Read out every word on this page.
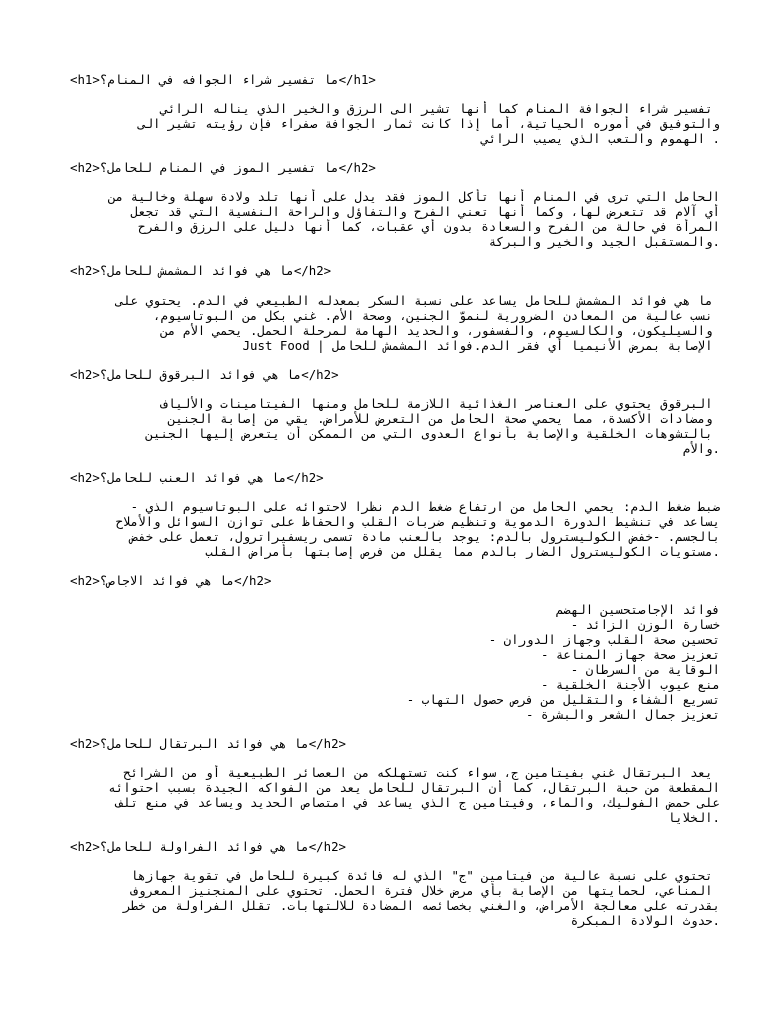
<h1>ما تفسير شراء الجوافه في المنام؟</h1>
تفسير شراء الجوافة المنام كما أنها تشير الى الرزق والخير الذي يناله الرائي
والتوفيق في أموره الحياتية، أما إذا كانت ثمار الجوافة صفراء فإن رؤيته تشير الى
. الهموم والتعب الذي يصيب الرائي
<h2>ما تفسير الموز في المنام للحامل؟</h2>
الحامل التي ترى في المنام أنها تأكل الموز فقد يدل على أنها تلد ولادة سهلة وخالية من
أي آلام قد تتعرض لها، وكما أنها تعني الفرح والتفاؤل والراحة النفسية التي قد تجعل
المرأة في حالة من الفرح والسعادة بدون أي عقبات، كما أنها دليل على الرزق والفرح
.والمستقبل الجيد والخير والبركة
<h2>ما هي فوائد المشمش للحامل؟</h2>
ما هي فوائد المشمش للحامل يساعد على نسبة السكر بمعدله الطبيعي في الدم. يحتوي على
نسب عالية من المعادن الضرورية لنموّ الجنين، وصحة الأم. غني بكل من البوتاسيوم،
والسيليكون، والكالسيوم، والفسفور، والحديد الهامة لمرحلة الحمل. يحمي الأم من
الإصابة بمرض الأنيميا أي فقر الدم.فوائد المشمش للحامل | Just Food
<h2>ما هي فوائد البرقوق للحامل؟</h2>
البرقوق يحتوي على العناصر الغذائية اللازمة للحامل ومنها الفيتامينات والألياف
ومضادات الأكسدة، مما يحمي صحة الحامل من التعرض للأمراض. يقي من إصابة الجنين
بالتشوهات الخلقية والإصابة بأنواع العدوى التي من الممكن أن يتعرض إليها الجنين
.والأم
<h2>ما هي فوائد العنب للحامل؟</h2>
ضبط ضغط الدم: يحمي الحامل من ارتفاع ضغط الدم نظرا لاحتوائه على البوتاسيوم الذي -
يساعد في تنشيط الدورة الدموية وتنظيم ضربات القلب والحفاظ على توازن السوائل والأملاح
بالجسم. -خفض الكوليسترول بالدم: يوجد بالعنب مادة تسمى ريسفيراترول، تعمل على خفض
.مستويات الكوليسترول الضار بالدم مما يقلل من فرص إصابتها بأمراض القلب
<h2>ما هي فوائد الاجاص؟</h2>
فوائد الإجاصتحسين الهضم
خسارة الوزن الزائد -
تحسين صحة القلب وجهاز الدوران -
تعزيز صحة جهاز المناعة -
الوقاية من السرطان -
منع عيوب الأجنة الخلقية -
تسريع الشفاء والتقليل من فرص حصول التهاب -
تعزيز جمال الشعر والبشرة -
<h2>ما هي فوائد البرتقال للحامل؟</h2>
يعد البرتقال غني بفيتامين ج، سواء كنت تستهلكه من العصائر الطبيعية أو من الشرائح
المقطعة من حبة البرتقال، كما أن البرتقال للحامل يعد من الفواكه الجيدة بسبب احتوائه
على حمض الفوليك، والماء، وفيتامين ج الذي يساعد في امتصاص الحديد ويساعد في منع تلف
.الخلايا
<h2>ما هي فوائد الفراولة للحامل؟</h2>
تحتوي على نسبة عالية من فيتامين "ج" الذي له فائدة كبيرة للحامل في تقوية جهازها
المناعي، لحمايتها من الإصابة بأي مرض خلال فترة الحمل. تحتوي على المنجنيز المعروف
بقدرته على معالجة الأمراض، والغني بخصائصه المضادة للالتهابات. تقلل الفراولة من خطر
.حدوث الولادة المبكرة
